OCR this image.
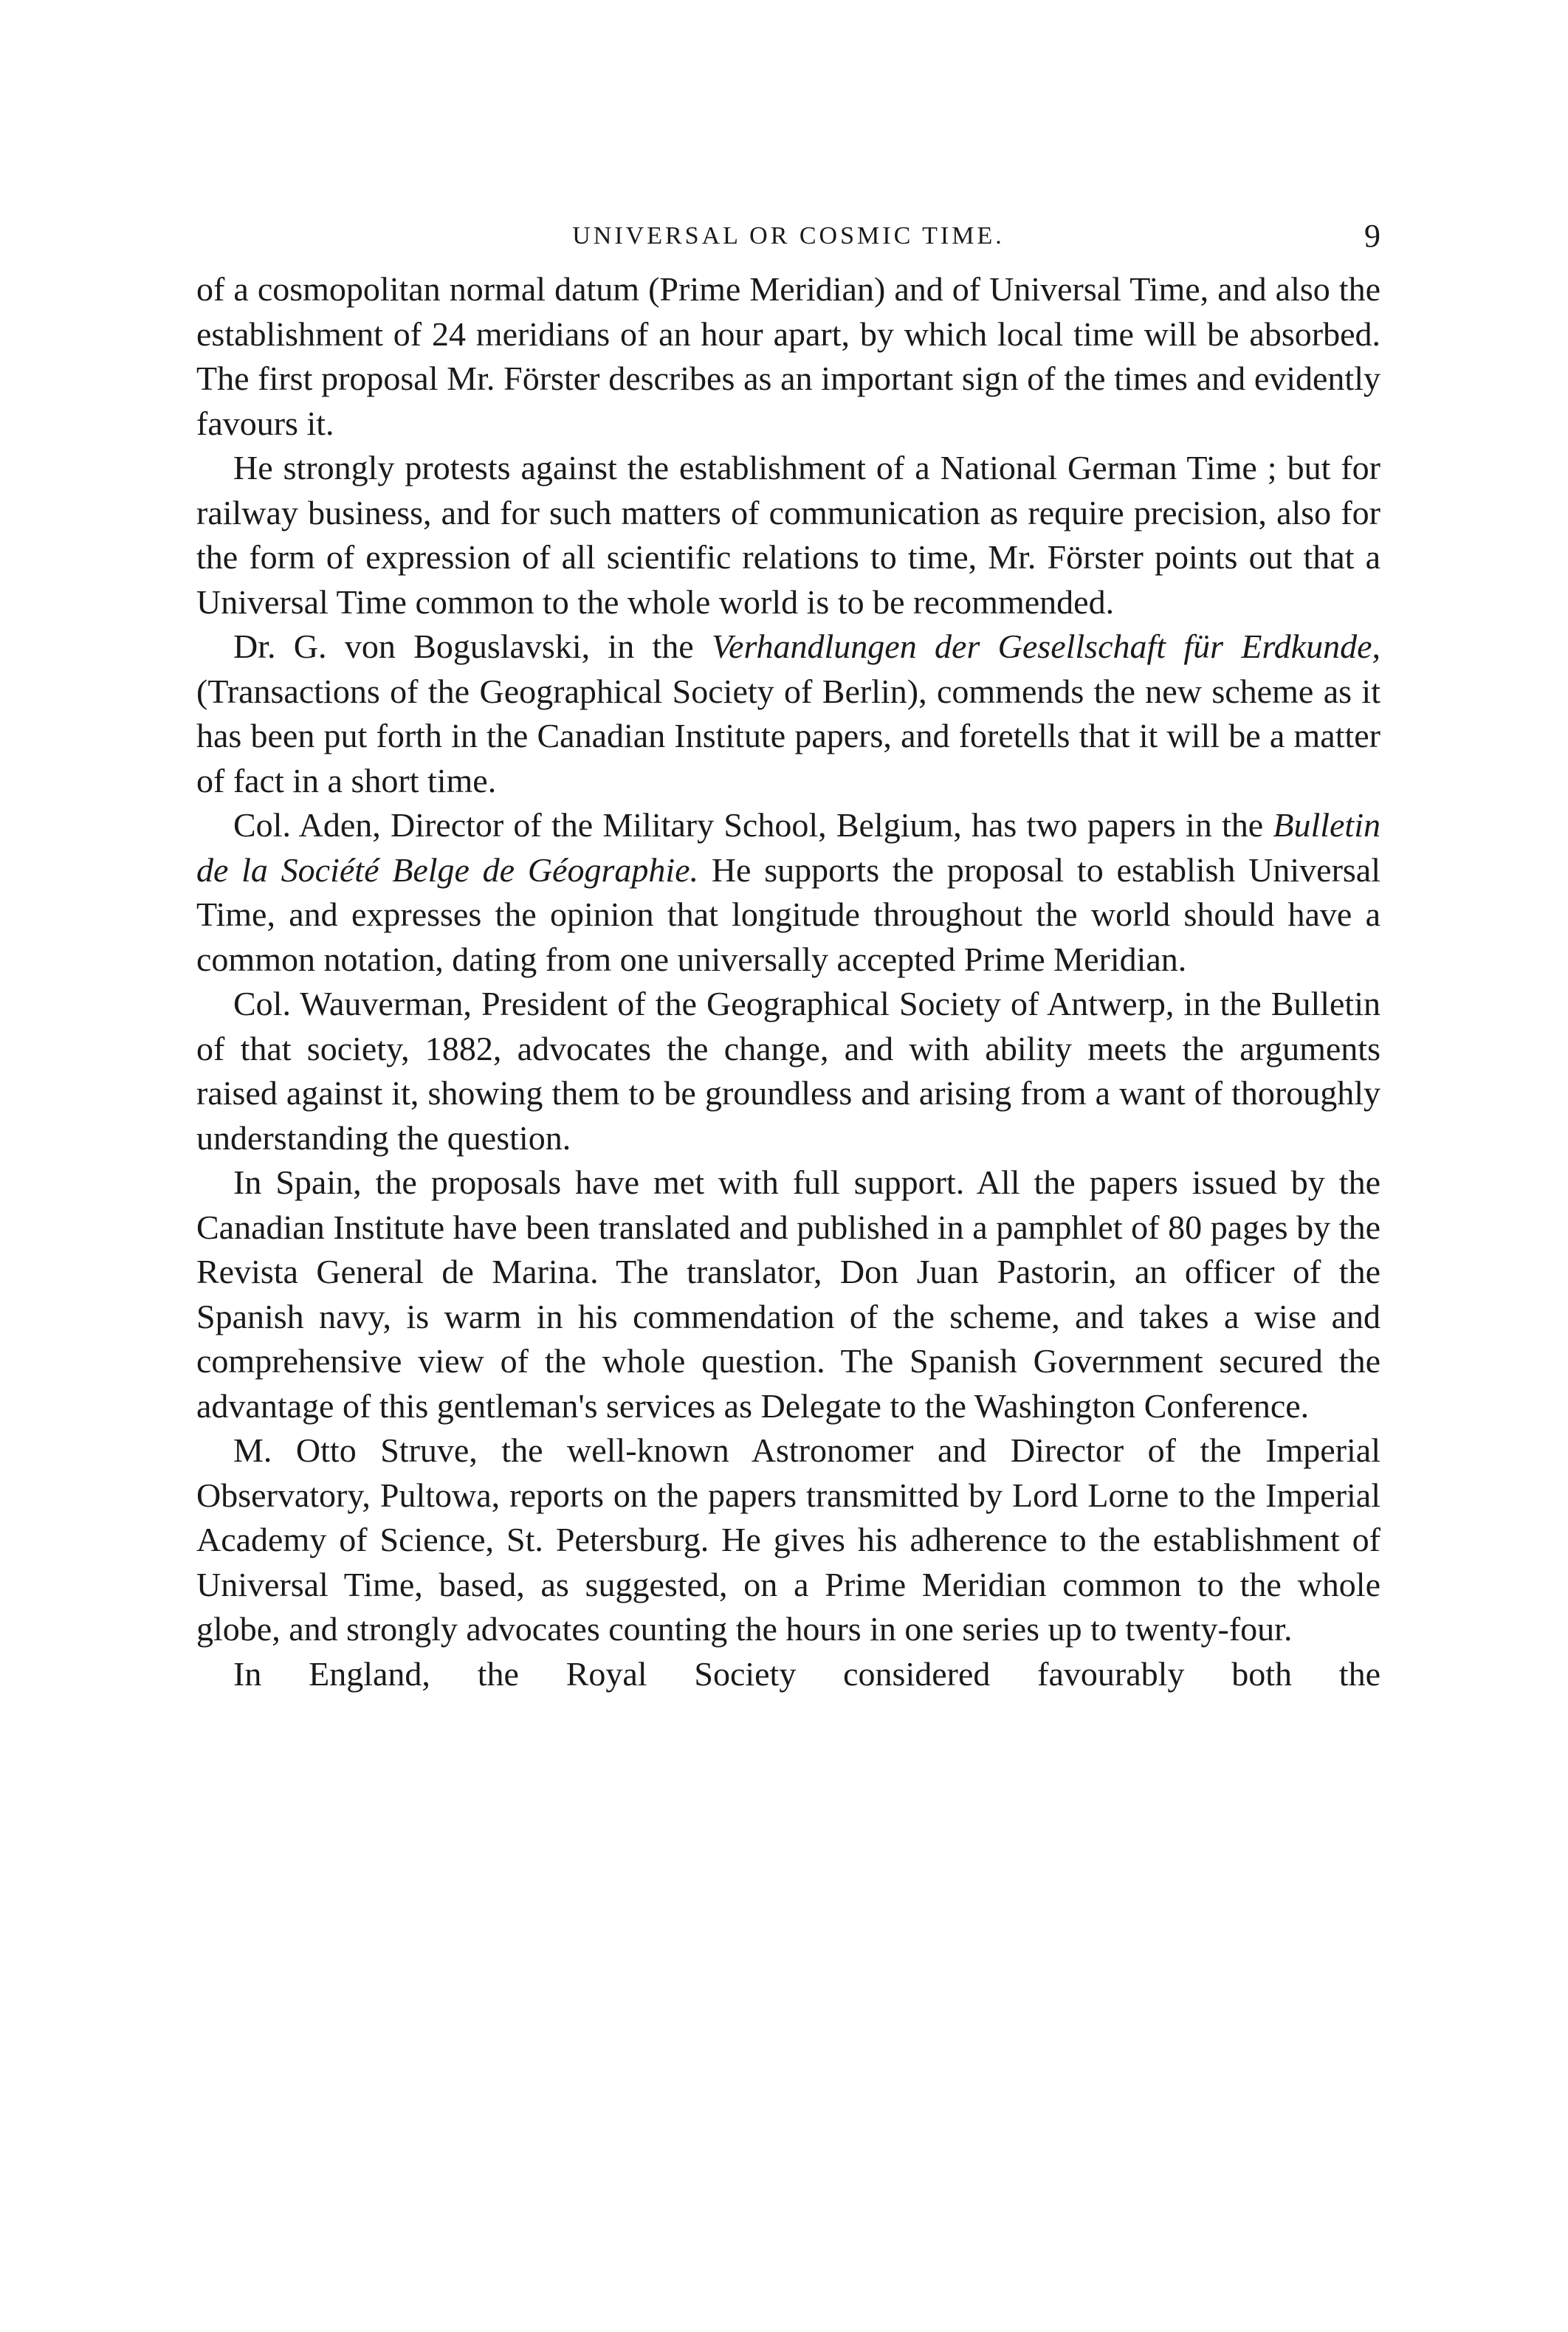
UNIVERSAL OR COSMIC TIME.	9

of a cosmopolitan normal datum (Prime Meridian) and of Universal Time, and also the establishment of 24 meridians of an hour apart, by which local time will be absorbed. The first proposal Mr. Förster describes as an important sign of the times and evidently favours it.

He strongly protests against the establishment of a National German Time ; but for railway business, and for such matters of communication as require precision, also for the form of expression of all scientific relations to time, Mr. Förster points out that a Universal Time common to the whole world is to be recommended.

Dr. G. von Boguslavski, in the Verhandlungen der Gesellschaft für Erdkunde, (Transactions of the Geographical Society of Berlin), commends the new scheme as it has been put forth in the Canadian Institute papers, and foretells that it will be a matter of fact in a short time.

Col. Aden, Director of the Military School, Belgium, has two papers in the Bulletin de la Société Belge de Géographie. He supports the proposal to establish Universal Time, and expresses the opinion that longitude throughout the world should have a common notation, dating from one universally accepted Prime Meridian.

Col. Wauverman, President of the Geographical Society of Antwerp, in the Bulletin of that society, 1882, advocates the change, and with ability meets the arguments raised against it, showing them to be groundless and arising from a want of thoroughly understanding the question.

In Spain, the proposals have met with full support. All the papers issued by the Canadian Institute have been translated and published in a pamphlet of 80 pages by the Revista General de Marina. The translator, Don Juan Pastorin, an officer of the Spanish navy, is warm in his commendation of the scheme, and takes a wise and comprehensive view of the whole question. The Spanish Government secured the advantage of this gentleman's services as Delegate to the Washington Conference.

M. Otto Struve, the well-known Astronomer and Director of the Imperial Observatory, Pultowa, reports on the papers transmitted by Lord Lorne to the Imperial Academy of Science, St. Petersburg. He gives his adherence to the establishment of Universal Time, based, as suggested, on a Prime Meridian common to the whole globe, and strongly advocates counting the hours in one series up to twenty-four.

In England, the Royal Society considered favourably both the
